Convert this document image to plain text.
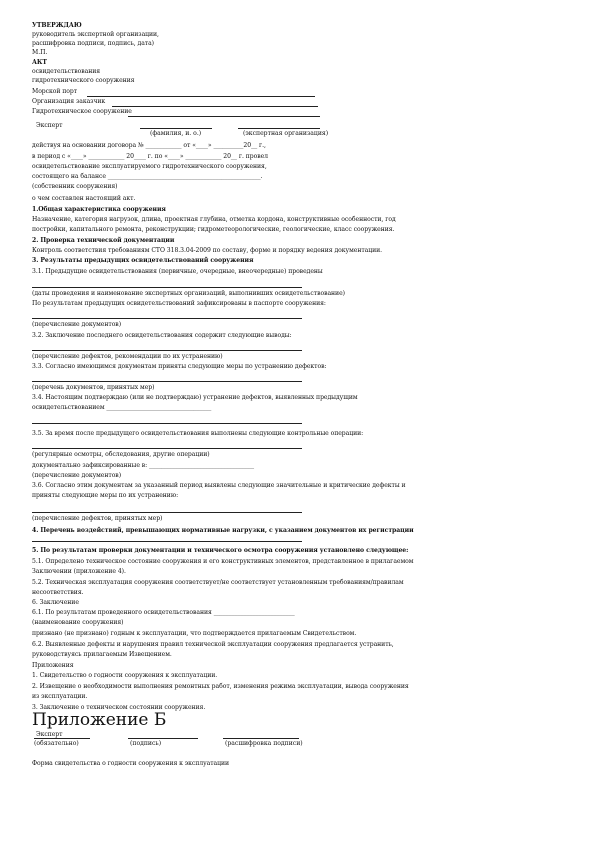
УТВЕРЖДАЮ
руководитель экспертной организации,
расшифровка подписи, подпись, дата)
М.П.
АКТ
освидетельствования
гидротехнического сооружения
Морской порт
Организация заказчик
Гидротехническое сооружение
Эксперт
(фамилия, и. о.)	(экспертная организация)
действуя на основании договора № ____________ от «____» __________20__ г.,
в период с «____» ____________ 20____ г. по «____» ____________ 20__ г. провел
освидетельствование эксплуатируемого гидротехнического сооружения,
состоящего на балансе ___________________________________________________.
(собственник сооружения)
о чем составлен настоящий акт.
1.Общая характеристика сооружения
Назначение, категория нагрузок, длина, проектная глубина, отметка кордона, конструктивные особенности, год
постройки, капитального ремонта, реконструкции; гидрометеорологические, геологические, класс сооружения.
2. Проверка технической документации
Контроль соответствия требованиям СТО 318.3.04-2009 по составу, форме и порядку ведения документации.
3. Результаты предыдущих освидетельствований сооружения
3.1. Предыдущие освидетельствования (первичные, очередные, внеочередные) проведены
(даты проведения и наименование экспертных организаций, выполнивших освидетельствование)
По результатам предыдущих освидетельствований зафиксированы в паспорте сооружения:
(перечисление документов)
3.2. Заключение последнего освидетельствования содержит следующие выводы:
(перечисление дефектов, рекомендации по их устранению)
3.3. Согласно имеющимся документам приняты следующие меры по устранению дефектов:
(перечень документов, принятых мер)
3.4. Настоящим подтверждаю (или не подтверждаю) устранение дефектов, выявленных предыдущим
освидетельствованием ___________________________________
3.5. За время после предыдущего освидетельствования выполнены следующие контрольные операции:
(регулярные осмотры, обследования, другие операции)
документально зафиксированные в: ___________________________________
(перечисление документов)
3.6. Согласно этим документам за указанный период выявлены следующие значительные и критические дефекты и
приняты следующие меры по их устранению:
(перечисление дефектов, принятых мер)
4. Перечень воздействий, превышающих нормативные нагрузки, с указанием документов их регистрации
5. По результатам проверки документации и технического осмотра сооружения установлено следующее:
5.1. Определено техническое состояние сооружения и его конструктивных элементов, представленное в прилагаемом
Заключении (приложение 4).
5.2. Техническая эксплуатация сооружения соответствует/не соответствует установленным требованиям/правилам
несоответствия.
6. Заключение
6.1. По результатам проведенного освидетельствования ___________________________
(наименование сооружения)
признано (не признано) годным к эксплуатации, что подтверждается прилагаемым Свидетельством.
6.2. Выявленные дефекты и нарушения правил технической эксплуатации сооружения предлагается устранить,
руководствуясь прилагаемым Извещением.
Приложения
1. Свидетельство о годности сооружения к эксплуатации.
2. Извещение о необходимости выполнения ремонтных работ, изменения режима эксплуатации, вывода сооружения
из эксплуатации.
3. Заключение о техническом состоянии сооружения.
Приложение Б
Эксперт
(обязательно)	(подпись)	(расшифровка подписи)
Форма свидетельства о годности сооружения к эксплуатации
